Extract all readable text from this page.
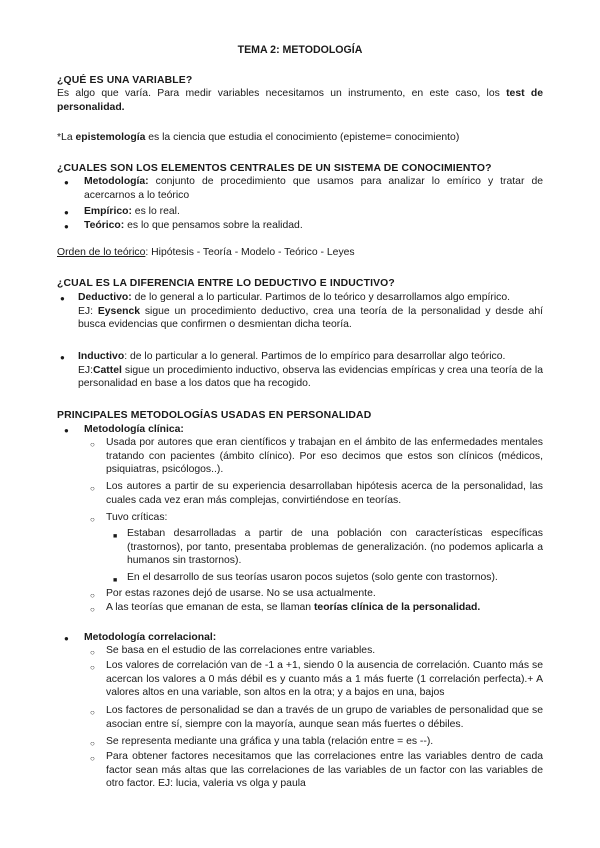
TEMA 2: METODOLOGÍA
¿QUÉ ES UNA VARIABLE?
Es algo que varía. Para medir variables necesitamos un instrumento, en este caso, los test de personalidad.
*La epistemología es la ciencia que estudia el conocimiento (episteme= conocimiento)
¿CUALES SON LOS ELEMENTOS CENTRALES DE UN SISTEMA DE CONOCIMIENTO?
● Metodología: conjunto de procedimiento que usamos para analizar lo emírico y tratar de acercarnos a lo teórico
● Empírico: es lo real.
● Teórico: es lo que pensamos sobre la realidad.
Orden de lo teórico: Hipótesis - Teoría - Modelo - Teórico - Leyes
¿CUAL ES LA DIFERENCIA ENTRE LO DEDUCTIVO E INDUCTIVO?
● Deductivo: de lo general a lo particular. Partimos de lo teórico y desarrollamos algo empírico.
EJ: Eysenck sigue un procedimiento deductivo, crea una teoría de la personalidad y desde ahí busca evidencias que confirmen o desmientan dicha teoría.
● Inductivo: de lo particular a lo general. Partimos de lo empírico para desarrollar algo teórico.
EJ:Cattel sigue un procedimiento inductivo, observa las evidencias empíricas y crea una teoría de la personalidad en base a los datos que ha recogido.
PRINCIPALES METODOLOGÍAS USADAS EN PERSONALIDAD
● Metodología clínica:
○ Usada por autores que eran científicos y trabajan en el ámbito de las enfermedades mentales tratando con pacientes (ámbito clínico). Por eso decimos que estos son clínicos (médicos, psiquiatras, psicólogos..).
○ Los autores a partir de su experiencia desarrollaban hipótesis acerca de la personalidad, las cuales cada vez eran más complejas, convirtiéndose en teorías.
○ Tuvo críticas:
■ Estaban desarrolladas a partir de una población con características específicas (trastornos), por tanto, presentaba problemas de generalización. (no podemos aplicarla a humanos sin trastornos).
■ En el desarrollo de sus teorías usaron pocos sujetos (solo gente con trastornos).
○ Por estas razones dejó de usarse. No se usa actualmente.
○ A las teorías que emanan de esta, se llaman teorías clínica de la personalidad.
● Metodología correlacional:
○ Se basa en el estudio de las correlaciones entre variables.
○ Los valores de correlación van de -1 a +1, siendo 0 la ausencia de correlación. Cuanto más se acercan los valores a 0 más débil es y cuanto más a 1 más fuerte (1 correlación perfecta).+ A valores altos en una variable, son altos en la otra; y a bajos en una, bajos
○ Los factores de personalidad se dan a través de un grupo de variables de personalidad que se asocian entre sí, siempre con la mayoría, aunque sean más fuertes o débiles.
○ Se representa mediante una gráfica y una tabla (relación entre = es --).
○ Para obtener factores necesitamos que las correlaciones entre las variables dentro de cada factor sean más altas que las correlaciones de las variables de un factor con las variables de otro factor. EJ: lucia, valeria vs olga y paula
